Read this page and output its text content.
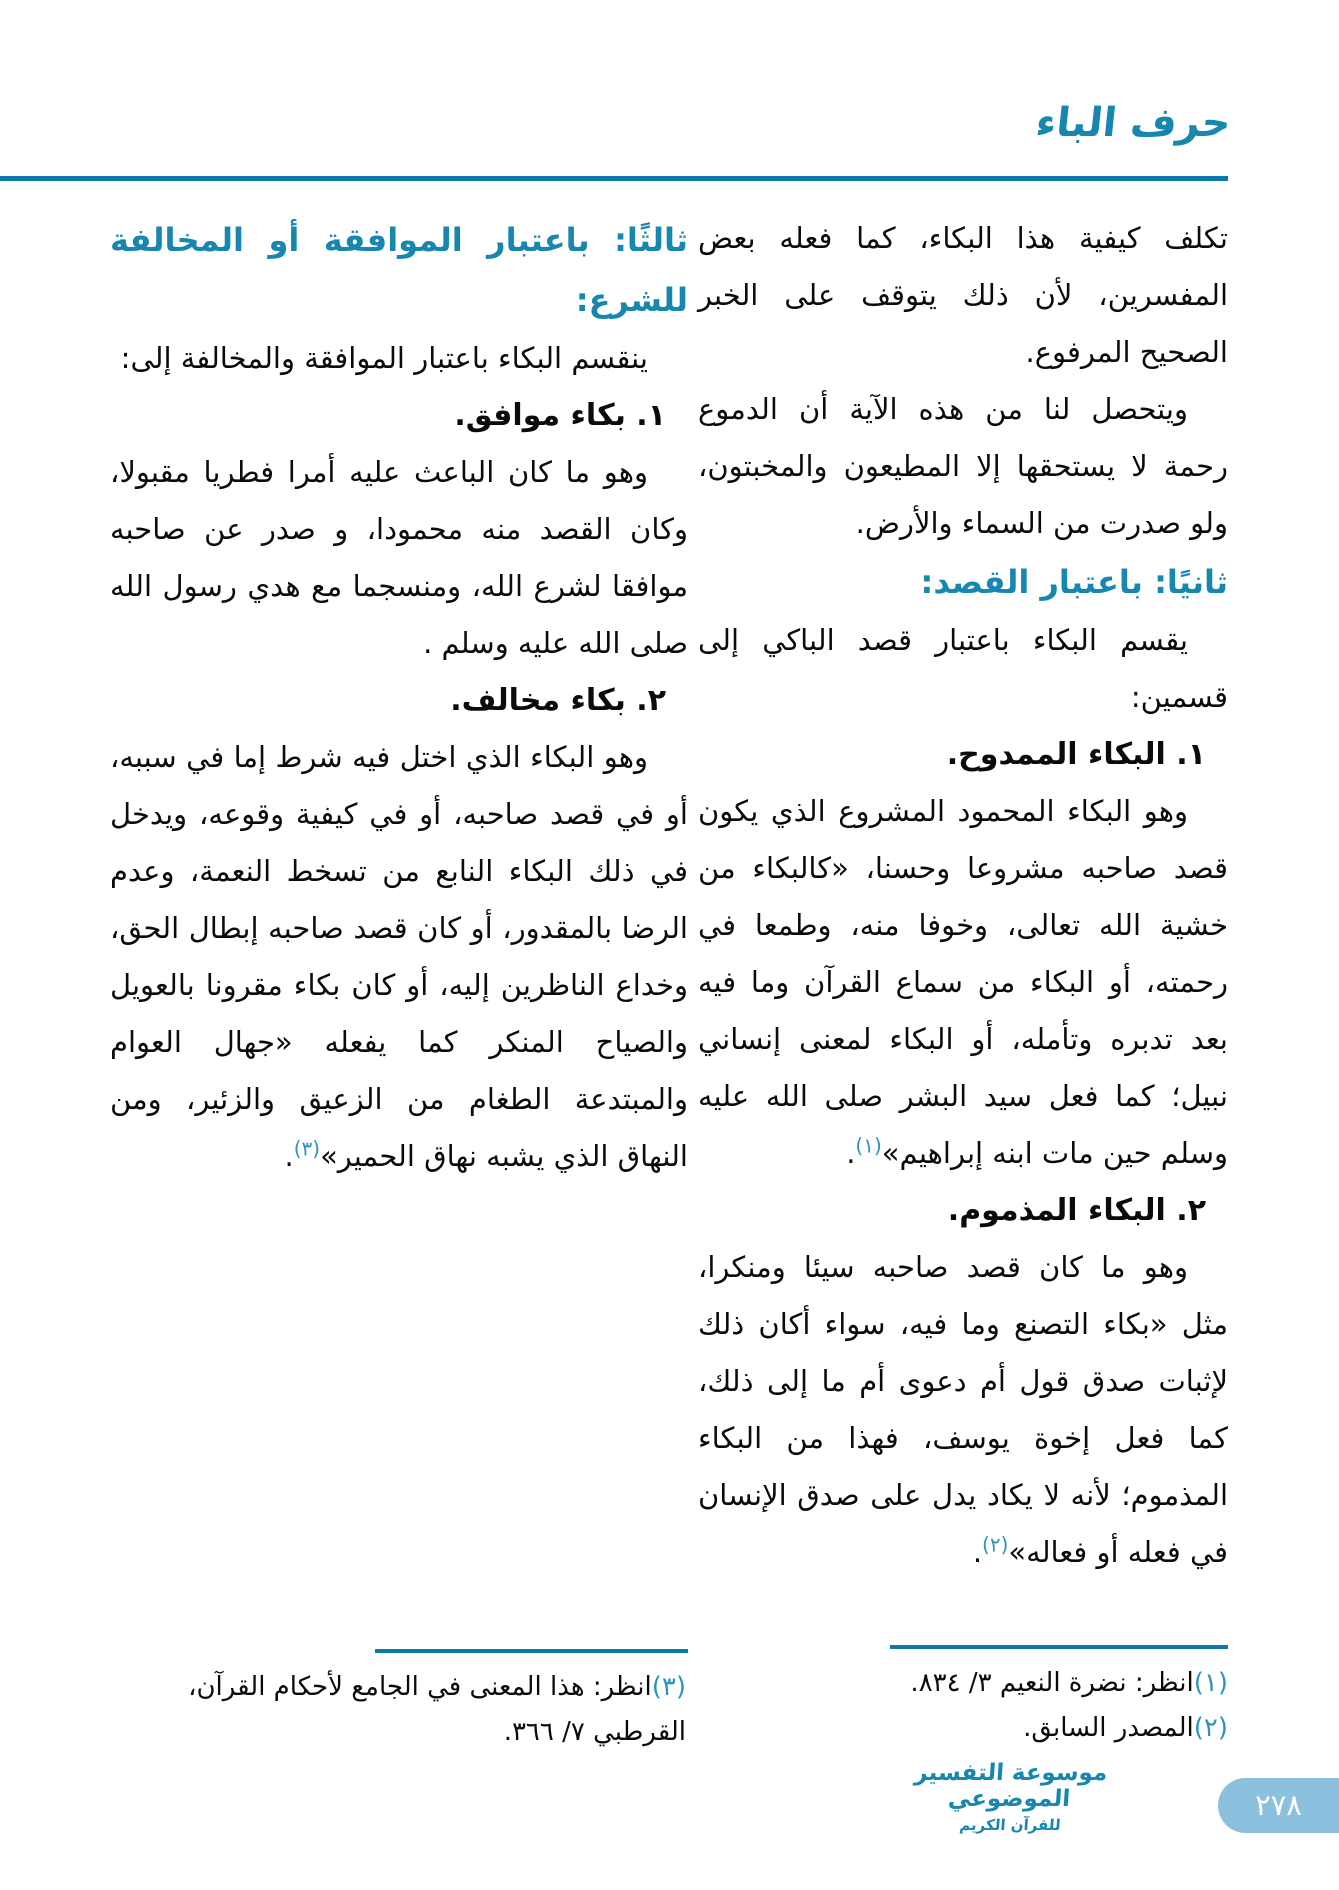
حرف الباء

تكلف كيفية هذا البكاء، كما فعله بعض المفسرين، لأن ذلك يتوقف على الخبر الصحيح المرفوع.

ويتحصل لنا من هذه الآية أن الدموع رحمة لا يستحقها إلا المطيعون والمخبتون، ولو صدرت من السماء والأرض.

ثانيًا: باعتبار القصد:

يقسم البكاء باعتبار قصد الباكي إلى قسمين:

١. البكاء الممدوح.

وهو البكاء المحمود المشروع الذي يكون قصد صاحبه مشروعا وحسنا، «كالبكاء من خشية الله تعالى، وخوفا منه، وطمعا في رحمته، أو البكاء من سماع القرآن وما فيه بعد تدبره وتأمله، أو البكاء لمعنى إنساني نبيل؛ كما فعل سيد البشر صلى الله عليه وسلم حين مات ابنه إبراهيم»$^{(١)}$.

٢. البكاء المذموم.

وهو ما كان قصد صاحبه سيئا ومنكرا، مثل «بكاء التصنع وما فيه، سواء أكان ذلك لإثبات صدق قول أم دعوى أم ما إلى ذلك، كما فعل إخوة يوسف، فهذا من البكاء المذموم؛ لأنه لا يكاد يدل على صدق الإنسان في فعله أو فعاله»$^{(٢)}$.

ثالثًا: باعتبار الموافقة أو المخالفة للشرع:

ينقسم البكاء باعتبار الموافقة والمخالفة إلى:

١. بكاء موافق.

وهو ما كان الباعث عليه أمرا فطريا مقبولا، وكان القصد منه محمودا، و صدر عن صاحبه موافقا لشرع الله، ومنسجما مع هدي رسول الله صلى الله عليه وسلم .

٢. بكاء مخالف.

وهو البكاء الذي اختل فيه شرط إما في سببه، أو في قصد صاحبه، أو في كيفية وقوعه، ويدخل في ذلك البكاء النابع من تسخط النعمة، وعدم الرضا بالمقدور، أو كان قصد صاحبه إبطال الحق، وخداع الناظرين إليه، أو كان بكاء مقرونا بالعويل والصياح المنكر كما يفعله «جهال العوام والمبتدعة الطغام من الزعيق والزئير، ومن النهاق الذي يشبه نهاق الحمير»$^{(٣)}$.

(١)انظر: نضرة النعيم ٣/ ٨٣٤.
(٢)المصدر السابق.
(٣)انظر: هذا المعنى في الجامع لأحكام القرآن، القرطبي ٧/ ٣٦٦.
موسوعة التفسير الموضوعي
للقرآن الكريم
٢٧٨
